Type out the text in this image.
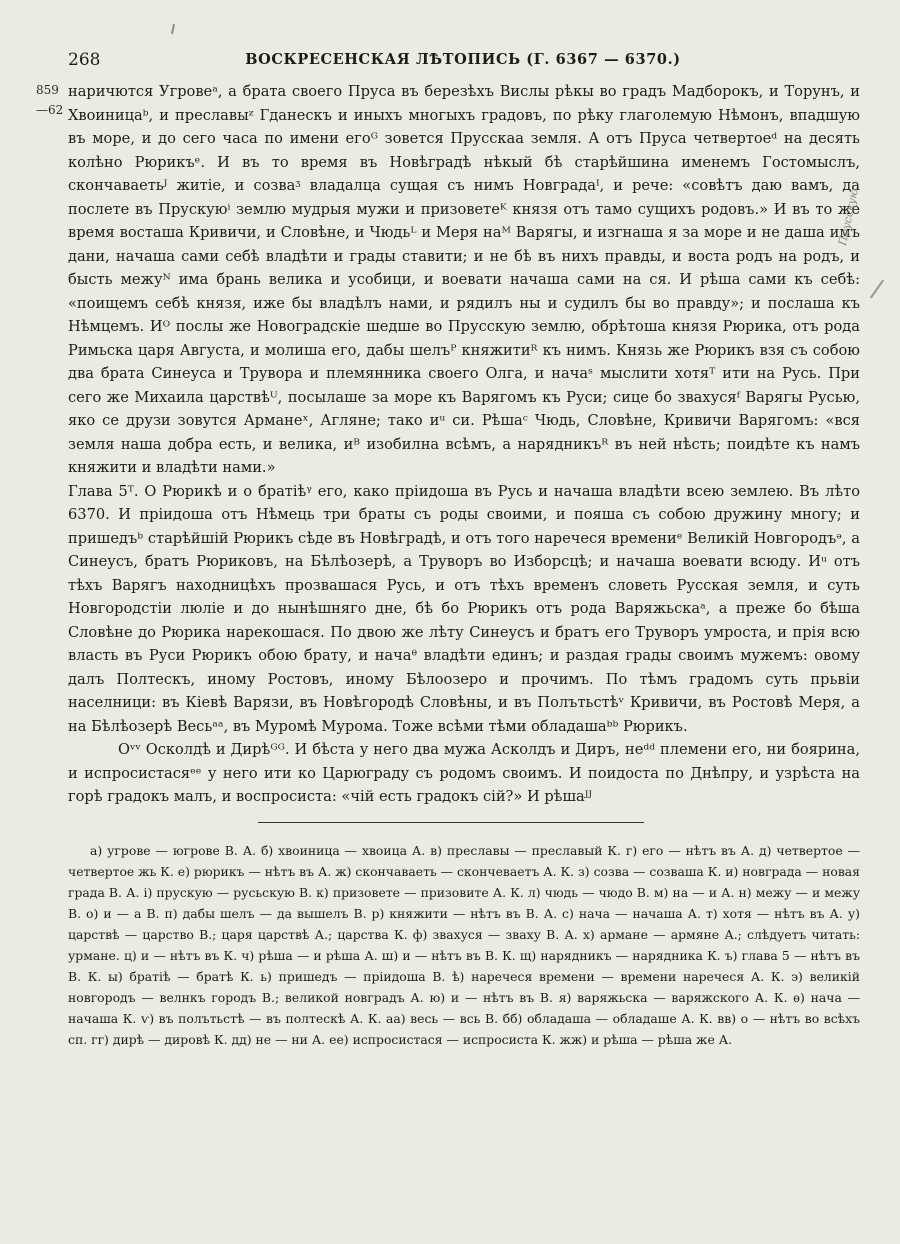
268	ВОСКРЕСЕНСКАЯ ЛѢТОПИСЬ (Г. 6367 — 6370.)
859
—62

наричются Угровеᵃ, а брата своего Пруса въ березѣхъ Вислы рѣкы во градъ Мадборокъ, и Торунъ, и Хвоиницаᵇ, и преславыᶻ Гданескъ и иныхъ многыхъ градовъ, по рѣку глаголемую Нѣмонъ, впадшую въ море, и до сего часа по имени егоᴳ зовется Прусскаа земля. А отъ Пруса четвертоеᵈ на десять колѣно Рюрикъᵉ. И въ то время въ Новѣградѣ нѣкый бѣ старѣйшина именемъ Гостомыслъ, скончаваетьᴶ житіе, и созваᶾ владалца сущая съ нимъ Новградаᴵ, и рече: «совѣтъ даю вамъ, да послете въ Прускуюⁱ землю мудрыя мужи и призоветеᴷ князя отъ тамо сущихъ родовъ.» И въ то же время восташа Кривичи, и Словѣне, и Чюдьᴸ и Меря наᴹ Варягы, и изгнаша я за море и не даша имъ дани, начаша сами себѣ владѣти и грады ставити; и не бѣ въ нихъ правды, и воста родъ на родъ, и бысть межуᴺ има брань велика и усобици, и воевати начаша сами на ся. И рѣша сами къ себѣ: «поищемъ себѣ князя, иже бы владѣлъ нами, и рядилъ ны и судилъ бы во правду»; и послаша къ Нѣмцемъ. Иᴼ послы же Новоградскіе шедше во Прусскую землю, обрѣтоша князя Рюрика, отъ рода Римьска царя Августа, и молиша его, дабы шелъᴾ княжитиᴿ къ нимъ. Князь же Рюрикъ взя съ собою два брата Синеуса и Трувора и племянника своего Олга, и начаˢ мыслити хотяᵀ ити на Русь. При сего же Михаила царствѣᵁ, посылаше за море къ Варягомъ къ Руси; сице бо звахусяᶠ Варягы Русью, яко се друзи зовутся Арманеˣ, Агляне; тако иᵘ си. Рѣшаᶜ Чюдь, Словѣне, Кривичи Варягомъ: «вся земля наша добра есть, и велика, иᴮ изобилна всѣмъ, а нарядникъᴿ въ ней нѣсть; поидѣте къ намъ княжити и владѣти нами.»

Глава 5ᵀ. О Рюрикѣ и о братіѣᵞ его, како пріидоша въ Русь и начаша владѣти всею землею. Въ лѣто 6370. И пріидоша отъ Нѣмець три браты съ роды своими, и пояша съ собою дружину многу; и пришедъᵇ старѣйшій Рюрикъ сѣде въ Новѣградѣ, и отъ того наречеся времениᵉ Великій Новгородъᵊ, а Синеусъ, братъ Рюриковъ, на Бѣлѣозерѣ, а Труворъ во Изборсцѣ; и начаша воевати всюду. Иᵘ отъ тѣхъ Варягъ находницѣхъ прозвашася Русь, и отъ тѣхъ временъ словеть Русская земля, и суть Новгородстіи люліе и до нынѣшняго дне, бѣ бо Рюрикъ отъ рода Варяжьскаᵃ, а преже бо бѣша Словѣне до Рюрика нарекошася. По двою же лѣту Синеусъ и братъ его Труворъ умроста, и прія всю власть въ Руси Рюрикъ обою брату, и начаᶿ владѣти единъ; и раздая грады своимъ мужемъ: овому далъ Полтескъ, иному Ростовъ, иному Бѣлоозеро и прочимъ. По тѣмъ градомъ суть прьвіи населници: въ Кіевѣ Варязи, въ Новѣгородѣ Словѣны, и въ Полътьстѣᵛ Кривичи, въ Ростовѣ Меря, а на Бѣлѣозерѣ Весьᵃᵃ, въ Муромѣ Мурома. Тоже всѣми тѣми обладашаᵇᵇ Рюрикъ.

Оᵛᵛ Осколдѣ и Дирѣᴳᴳ. И бѣста у него два мужа Асколдъ и Диръ, неᵈᵈ племени его, ни боярина, и испросистасяᵉᵉ у него ити ко Царюграду съ родомъ своимъ. И поидоста по Днѣпру, и узрѣста на горѣ градокъ малъ, и воспросиста: «чій есть градокъ сій?» И рѣшаᴶᴶ

Прусскую

а) угрове — югрове В. А. б) хвоиница — хвоица А. в) преславы — преславый К. г) его — нѣтъ въ А. д) четвертое — четвертое жь К. е) рюрикъ — нѣтъ въ А. ж) скончаваеть — скончеваетъ А. К. з) созва — созваша К. и) новграда — новая града В. А. і) прускую — русьскую В. к) призовете — призовите А. К. л) чюдь — чюдо В. м) на — и А. н) межу — и межу В. о) и — а В. п) дабы шелъ — да вышелъ В. р) княжити — нѣтъ въ В. А. с) нача — начаша А. т) хотя — нѣтъ въ А. у) царствѣ — царство В.; царя царствѣ А.; царства К. ф) звахуся — зваху В. А. х) армане — армяне А.; слѣдуетъ читать: урмане. ц) и — нѣтъ въ К. ч) рѣша — и рѣша А. ш) и — нѣтъ въ В. К. щ) нарядникъ — нарядника К. ъ) глава 5 — нѣтъ въ В. К. ы) братіѣ — братѣ К. ь) пришедъ — пріидоша В. ѣ) наречеся времени — времени наречеся А. К. э) великій новгородъ — велнкъ городъ В.; великой новградъ А. ю) и — нѣтъ въ В. я) варяжьска — варяжского А. К. ѳ) нача — начаша К. ѵ) въ полътьстѣ — въ полтескѣ А. К. аа) весь — всь В. бб) обладаша — обладаше А. К. вв) о — нѣтъ во всѣхъ сп. гг) дирѣ — дировѣ К. дд) не — ни А. ее) испросистася — испросиста К. жж) и рѣша — рѣша же А.
